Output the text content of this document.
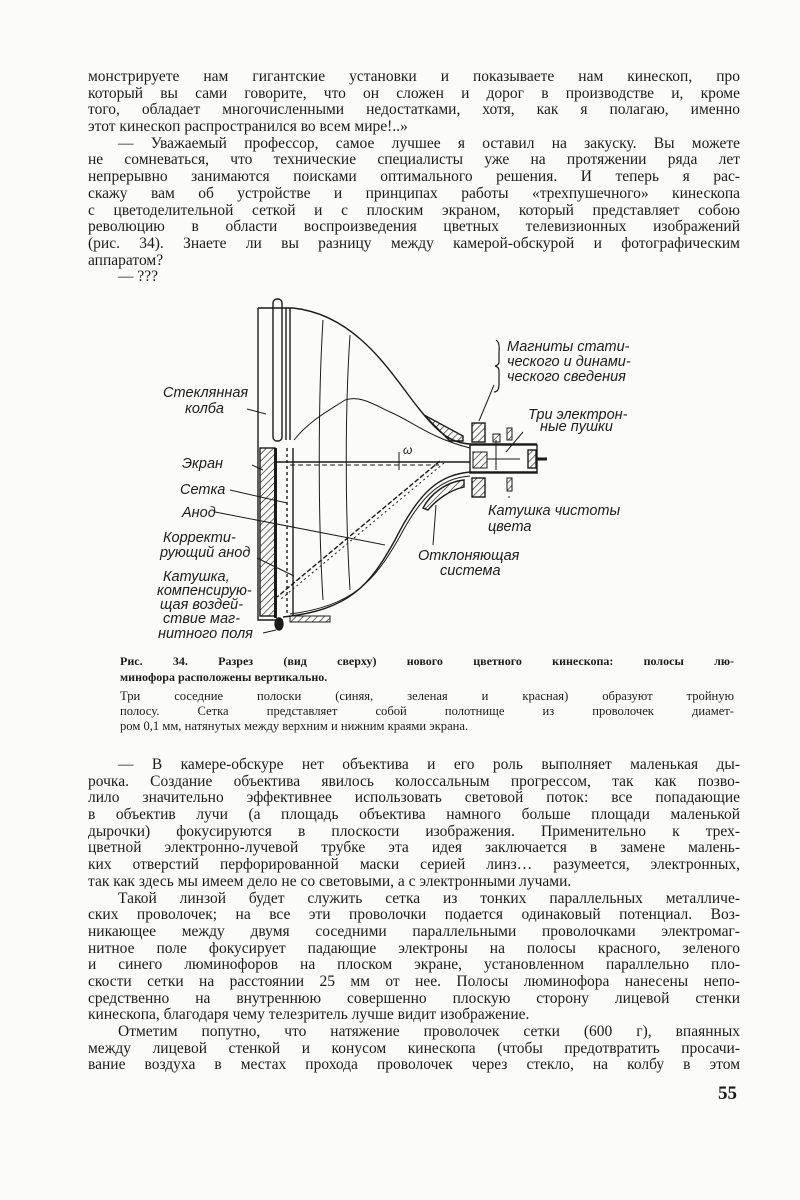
монстрируете нам гигантские установки и показываете нам кинескоп, про
который вы сами говорите, что он сложен и дорог в производстве и, кроме
того, обладает многочисленными недостатками, хотя, как я полагаю, именно
этот кинескоп распространился во всем мире!..»
— Уважаемый профессор, самое лучшее я оставил на закуску. Вы можете
не сомневаться, что технические специалисты уже на протяжении ряда лет
непрерывно занимаются поисками оптимального решения. И теперь я рас-
скажу вам об устройстве и принципах работы «трехпушечного» кинескопа
с цветоделительной сеткой и с плоским экраном, который представляет собою
революцию в области воспроизведения цветных телевизионных изображений
(рис. 34). Знаете ли вы разницу между камерой-обскурой и фотографическим
аппаратом?
— ???
Стеклянная
колба
Экран
Сетка
Анод
Корректи-
рующий анод
Катушка,
компенсирую-
щая воздей-
ствие маг-
нитного поля
Магниты стати-
ческого и динами-
ческого сведения
Три электрон-
ные пушки
Катушка чистоты
цвета
Отклоняющая
система
ω
Рис. 34. Разрез (вид сверху) нового цветного кинескопа: полосы лю-
минофора расположены вертикально.
Три соседние полоски (синяя, зеленая и красная) образуют тройную
полосу. Сетка представляет собой полотнище из проволочек диамет-
ром 0,1 мм, натянутых между верхним и нижним краями экрана.
— В камере-обскуре нет объектива и его роль выполняет маленькая ды-
рочка. Создание объектива явилось колоссальным прогрессом, так как позво-
лило значительно эффективнее использовать световой поток: все попадающие
в объектив лучи (а площадь объектива намного больше площади маленькой
дырочки) фокусируются в плоскости изображения. Применительно к трех-
цветной электронно-лучевой трубке эта идея заключается в замене малень-
ких отверстий перфорированной маски серией линз… разумеется, электронных,
так как здесь мы имеем дело не со световыми, а с электронными лучами.
Такой линзой будет служить сетка из тонких параллельных металличе-
ских проволочек; на все эти проволочки подается одинаковый потенциал. Воз-
никающее между двумя соседними параллельными проволочками электромаг-
нитное поле фокусирует падающие электроны на полосы красного, зеленого
и синего люминофоров на плоском экране, установленном параллельно пло-
скости сетки на расстоянии 25 мм от нее. Полосы люминофора нанесены непо-
средственно на внутреннюю совершенно плоскую сторону лицевой стенки
кинескопа, благодаря чему телезритель лучше видит изображение.
Отметим попутно, что натяжение проволочек сетки (600 г), впаянных
между лицевой стенкой и конусом кинескопа (чтобы предотвратить просачи-
вание воздуха в местах прохода проволочек через стекло, на колбу в этом
55
